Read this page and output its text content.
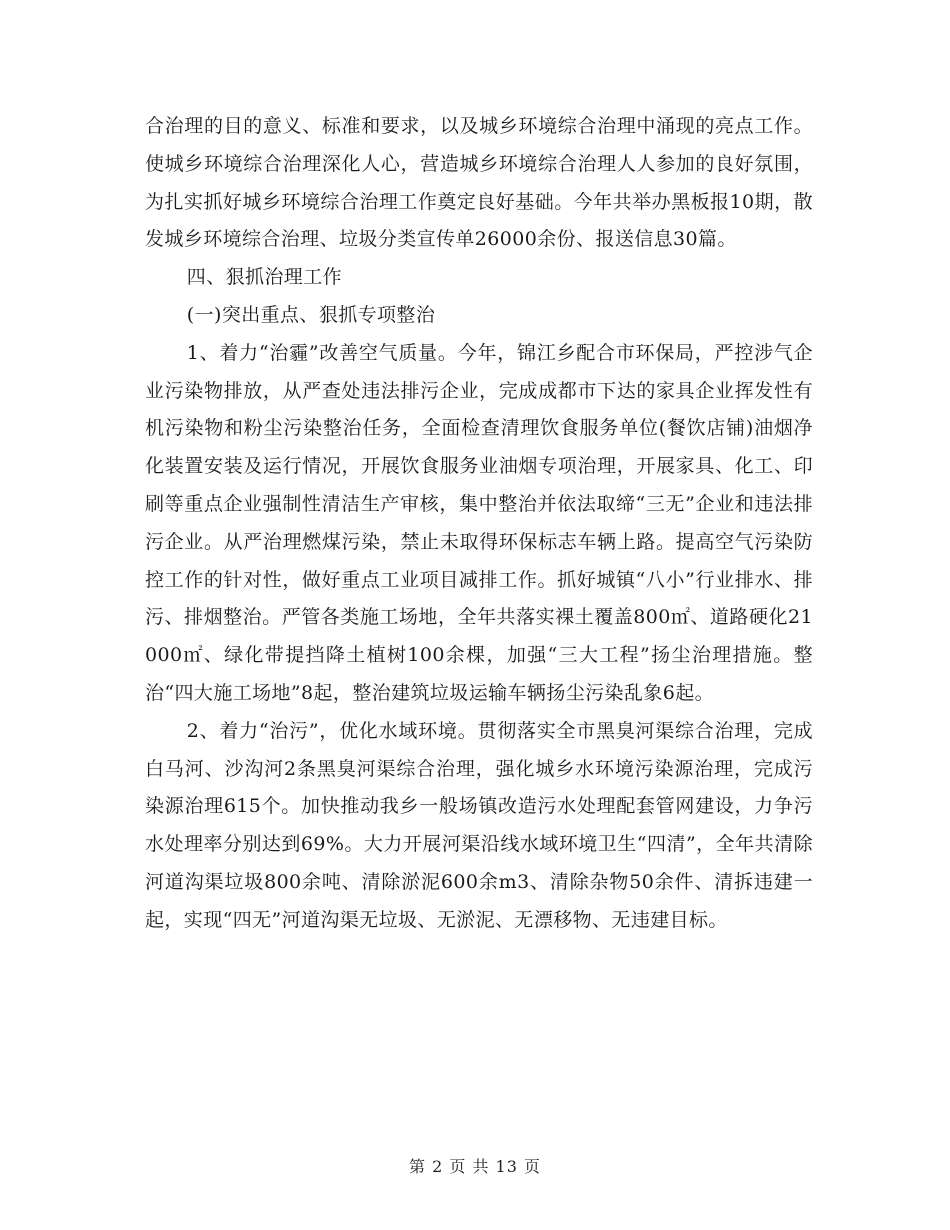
合治理的目的意义、标准和要求，以及城乡环境综合治理中涌现的亮点工作。使城乡环境综合治理深化人心，营造城乡环境综合治理人人参加的良好氛围，为扎实抓好城乡环境综合治理工作奠定良好基础。今年共举办黑板报10期，散发城乡环境综合治理、垃圾分类宣传单26000余份、报送信息30篇。

四、狠抓治理工作

(一)突出重点、狠抓专项整治

1、着力“治霾”改善空气质量。今年，锦江乡配合市环保局，严控涉气企业污染物排放，从严查处违法排污企业，完成成都市下达的家具企业挥发性有机污染物和粉尘污染整治任务，全面检查清理饮食服务单位(餐饮店铺)油烟净化装置安装及运行情况，开展饮食服务业油烟专项治理，开展家具、化工、印刷等重点企业强制性清洁生产审核，集中整治并依法取缔“三无”企业和违法排污企业。从严治理燃煤污染，禁止未取得环保标志车辆上路。提高空气污染防控工作的针对性，做好重点工业项目减排工作。抓好城镇“八小”行业排水、排污、排烟整治。严管各类施工场地，全年共落实裸土覆盖800㎡、道路硬化21000㎡、绿化带提挡降土植树100余棵，加强“三大工程”扬尘治理措施。整治“四大施工场地”8起，整治建筑垃圾运输车辆扬尘污染乱象6起。

2、着力“治污”，优化水域环境。贯彻落实全市黑臭河渠综合治理，完成白马河、沙沟河2条黑臭河渠综合治理，强化城乡水环境污染源治理，完成污染源治理615个。加快推动我乡一般场镇改造污水处理配套管网建设，力争污水处理率分别达到69%。大力开展河渠沿线水域环境卫生“四清”，全年共清除河道沟渠垃圾800余吨、清除淤泥600余m3、清除杂物50余件、清拆违建一起，实现“四无”河道沟渠无垃圾、无淤泥、无漂移物、无违建目标。

第 2 页 共 13 页
